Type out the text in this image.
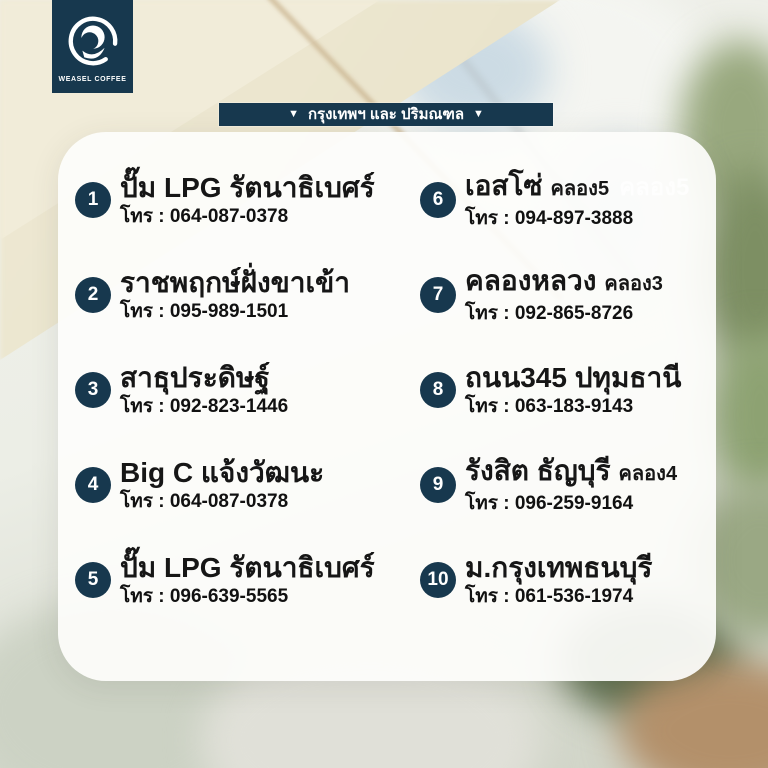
1 ปั๊ม LPG รัตนาธิเบศร์
โทร : 064-087-0378
2 ราชพฤกษ์ฝั่งขาเข้า
โทร : 095-989-1501
3 สาธุประดิษฐ์
โทร : 092-823-1446
4 Big C แจ้งวัฒนะ
โทร : 064-087-0378
5 ปั๊ม LPG รัตนาธิเบศร์
โทร : 096-639-5565
6 เอสโซ่ คลอง5 คลอง5
โทร : 094-897-3888
7 คลองหลวง คลอง3
โทร : 092-865-8726
8 ถนน345 ปทุมธานี
โทร : 063-183-9143
9 รังสิต ธัญบุรี คลอง4
โทร : 096-259-9164
10 ม.กรุงเทพธนบุรี
โทร : 061-536-1974
▼ กรุงเทพฯ และ ปริมณฑล ▼
WEASEL COFFEE
